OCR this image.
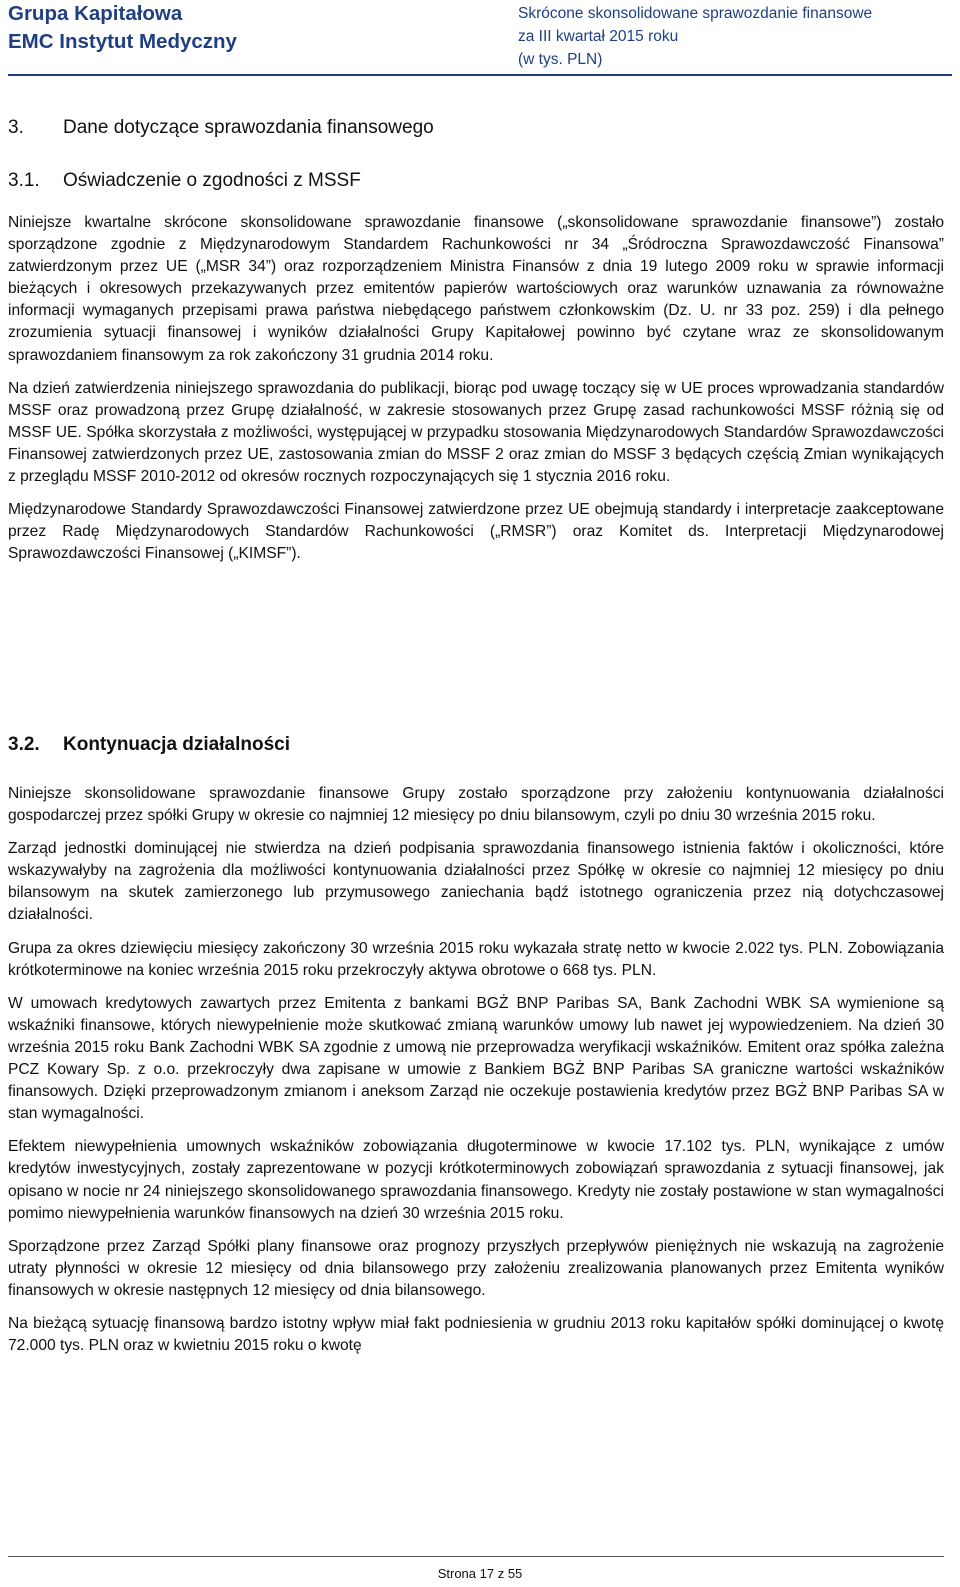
Grupa Kapitałowa
EMC Instytut Medyczny
Skrócone skonsolidowane sprawozdanie finansowe
za III kwartał 2015 roku
(w tys. PLN)
3. Dane dotyczące sprawozdania finansowego
3.1. Oświadczenie o zgodności z MSSF

Niniejsze kwartalne skrócone skonsolidowane sprawozdanie finansowe („skonsolidowane sprawozdanie finansowe”) zostało sporządzone zgodnie z Międzynarodowym Standardem Rachunkowości nr 34 „Śródroczna Sprawozdawczość Finansowa” zatwierdzonym przez UE („MSR 34”) oraz rozporządzeniem Ministra Finansów z dnia 19 lutego 2009 roku w sprawie informacji bieżących i okresowych przekazywanych przez emitentów papierów wartościowych oraz warunków uznawania za równoważne informacji wymaganych przepisami prawa państwa niebędącego państwem członkowskim (Dz. U. nr 33 poz. 259) i dla pełnego zrozumienia sytuacji finansowej i wyników działalności Grupy Kapitałowej powinno być czytane wraz ze skonsolidowanym sprawozdaniem finansowym za rok zakończony 31 grudnia 2014 roku.

Na dzień zatwierdzenia niniejszego sprawozdania do publikacji, biorąc pod uwagę toczący się w UE proces wprowadzania standardów MSSF oraz prowadzoną przez Grupę działalność, w zakresie stosowanych przez Grupę zasad rachunkowości MSSF różnią się od MSSF UE. Spółka skorzystała z możliwości, występującej w przypadku stosowania Międzynarodowych Standardów Sprawozdawczości Finansowej zatwierdzonych przez UE, zastosowania zmian do MSSF 2 oraz zmian do MSSF 3 będących częścią Zmian wynikających z przeglądu MSSF 2010-2012 od okresów rocznych rozpoczynających się 1 stycznia 2016 roku.

Międzynarodowe Standardy Sprawozdawczości Finansowej zatwierdzone przez UE obejmują standardy i interpretacje zaakceptowane przez Radę Międzynarodowych Standardów Rachunkowości („RMSR”) oraz Komitet ds. Interpretacji Międzynarodowej Sprawozdawczości Finansowej („KIMSF”).

3.2. Kontynuacja działalności

Niniejsze skonsolidowane sprawozdanie finansowe Grupy zostało sporządzone przy założeniu kontynuowania działalności gospodarczej przez spółki Grupy w okresie co najmniej 12 miesięcy po dniu bilansowym, czyli po dniu 30 września 2015 roku.

Zarząd jednostki dominującej nie stwierdza na dzień podpisania sprawozdania finansowego istnienia faktów i okoliczności, które wskazywałyby na zagrożenia dla możliwości kontynuowania działalności przez Spółkę w okresie co najmniej 12 miesięcy po dniu bilansowym na skutek zamierzonego lub przymusowego zaniechania bądź istotnego ograniczenia przez nią dotychczasowej działalności.

Grupa za okres dziewięciu miesięcy zakończony 30 września 2015 roku wykazała stratę netto w kwocie 2.022 tys. PLN. Zobowiązania krótkoterminowe na koniec września 2015 roku przekroczyły aktywa obrotowe o 668 tys. PLN.

W umowach kredytowych zawartych przez Emitenta z bankami BGŻ BNP Paribas SA, Bank Zachodni WBK SA wymienione są wskaźniki finansowe, których niewypełnienie może skutkować zmianą warunków umowy lub nawet jej wypowiedzeniem. Na dzień 30 września 2015 roku Bank Zachodni WBK SA zgodnie z umową nie przeprowadza weryfikacji wskaźników. Emitent oraz spółka zależna PCZ Kowary Sp. z o.o. przekroczyły dwa zapisane w umowie z Bankiem BGŻ BNP Paribas SA graniczne wartości wskaźników finansowych. Dzięki przeprowadzonym zmianom i aneksom Zarząd nie oczekuje postawienia kredytów przez BGŻ BNP Paribas SA w stan wymagalności.

Efektem niewypełnienia umownych wskaźników zobowiązania długoterminowe w kwocie 17.102 tys. PLN, wynikające z umów kredytów inwestycyjnych, zostały zaprezentowane w pozycji krótkoterminowych zobowiązań sprawozdania z sytuacji finansowej, jak opisano w nocie nr 24 niniejszego skonsolidowanego sprawozdania finansowego. Kredyty nie zostały postawione w stan wymagalności pomimo niewypełnienia warunków finansowych na dzień 30 września 2015 roku.

Sporządzone przez Zarząd Spółki plany finansowe oraz prognozy przyszłych przepływów pieniężnych nie wskazują na zagrożenie utraty płynności w okresie 12 miesięcy od dnia bilansowego przy założeniu zrealizowania planowanych przez Emitenta wyników finansowych w okresie następnych 12 miesięcy od dnia bilansowego.

Na bieżącą sytuację finansową bardzo istotny wpływ miał fakt podniesienia w grudniu 2013 roku kapitałów spółki dominującej o kwotę 72.000 tys. PLN oraz w kwietniu 2015 roku o kwotę

Strona 17 z 55
